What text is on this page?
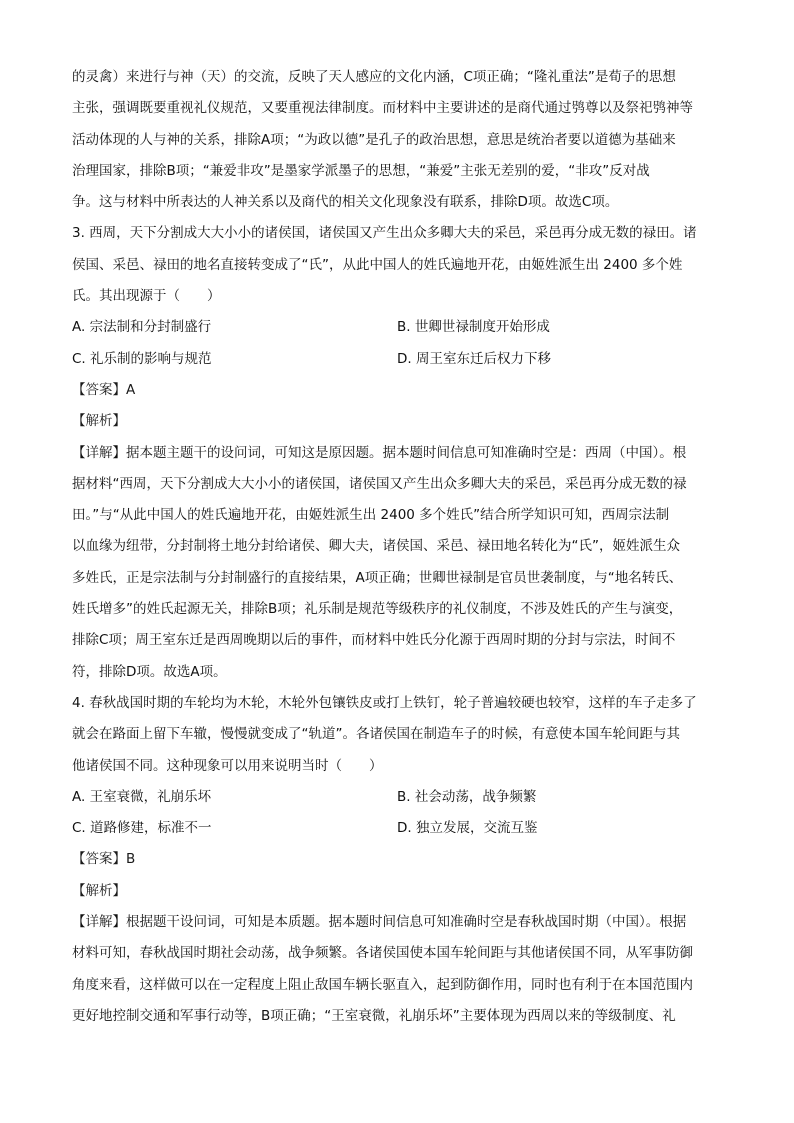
的灵禽）来进行与神（天）的交流，反映了天人感应的文化内涵，C项正确；“隆礼重法”是荀子的思想
主张，强调既要重视礼仪规范，又要重视法律制度。而材料中主要讲述的是商代通过鸮尊以及祭祀鸮神等
活动体现的人与神的关系，排除A项；“为政以德”是孔子的政治思想，意思是统治者要以道德为基础来
治理国家，排除B项；“兼爱非攻”是墨家学派墨子的思想，“兼爱”主张无差别的爱，“非攻”反对战
争。这与材料中所表达的人神关系以及商代的相关文化现象没有联系，排除D项。故选C项。
3. 西周，天下分割成大大小小的诸侯国，诸侯国又产生出众多卿大夫的采邑，采邑再分成无数的禄田。诸
侯国、采邑、禄田的地名直接转变成了“氏”，从此中国人的姓氏遍地开花，由姬姓派生出 2400 多个姓
氏。其出现源于（　　）
A. 宗法制和分封制盛行	B. 世卿世禄制度开始形成
C. 礼乐制的影响与规范	D. 周王室东迁后权力下移
【答案】A
【解析】
【详解】据本题主题干的设问词，可知这是原因题。据本题时间信息可知准确时空是：西周（中国）。根
据材料“西周，天下分割成大大小小的诸侯国，诸侯国又产生出众多卿大夫的采邑，采邑再分成无数的禄
田。”与“从此中国人的姓氏遍地开花，由姬姓派生出 2400 多个姓氏”结合所学知识可知，西周宗法制
以血缘为纽带，分封制将土地分封给诸侯、卿大夫，诸侯国、采邑、禄田地名转化为“氏”，姬姓派生众
多姓氏，正是宗法制与分封制盛行的直接结果，A项正确；世卿世禄制是官员世袭制度，与“地名转氏、
姓氏增多”的姓氏起源无关，排除B项；礼乐制是规范等级秩序的礼仪制度，不涉及姓氏的产生与演变，
排除C项；周王室东迁是西周晚期以后的事件，而材料中姓氏分化源于西周时期的分封与宗法，时间不
符，排除D项。故选A项。
4. 春秋战国时期的车轮均为木轮，木轮外包镶铁皮或打上铁钉，轮子普遍较硬也较窄，这样的车子走多了
就会在路面上留下车辙，慢慢就变成了“轨道”。各诸侯国在制造车子的时候，有意使本国车轮间距与其
他诸侯国不同。这种现象可以用来说明当时（　　）
A. 王室衰微，礼崩乐坏	B. 社会动荡，战争频繁
C. 道路修建，标准不一	D. 独立发展，交流互鉴
【答案】B
【解析】
【详解】根据题干设问词，可知是本质题。据本题时间信息可知准确时空是春秋战国时期（中国）。根据
材料可知，春秋战国时期社会动荡，战争频繁。各诸侯国使本国车轮间距与其他诸侯国不同，从军事防御
角度来看，这样做可以在一定程度上阻止敌国车辆长驱直入，起到防御作用，同时也有利于在本国范围内
更好地控制交通和军事行动等，B项正确；“王室衰微，礼崩乐坏”主要体现为西周以来的等级制度、礼
